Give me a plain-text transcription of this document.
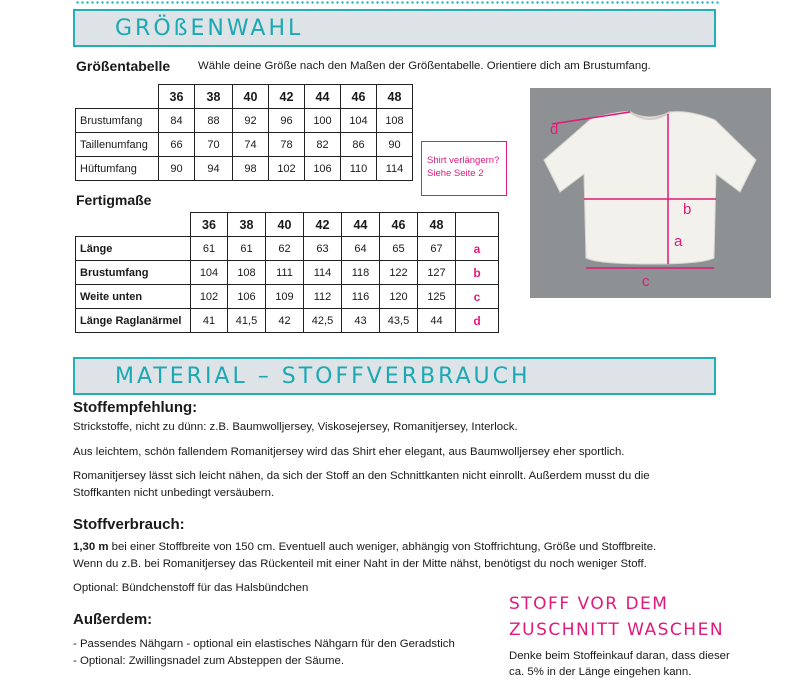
GRÖßENWAHL
Größentabelle Wähle deine Größe nach den Maßen der Größentabelle. Orientiere dich am Brustumfang.
	36	38	40	42	44	46	48
Brustumfang	84	88	92	96	100	104	108
Taillenumfang	66	70	74	78	82	86	90
Hüftumfang	90	94	98	102	106	110	114
Shirt verlängern?
Siehe Seite 2
Fertigmaße
	36	38	40	42	44	46	48	
Länge	61	61	62	63	64	65	67	a
Brustumfang	104	108	111	114	118	122	127	b
Weite unten	102	106	109	112	116	120	125	c
Länge Raglanärmel	41	41,5	42	42,5	43	43,5	44	d
d
a
b
c
MATERIAL – STOFFVERBRAUCH
Stoffempfehlung:
Strickstoffe, nicht zu dünn: z.B. Baumwolljersey, Viskosejersey, Romanitjersey, Interlock.
Aus leichtem, schön fallendem Romanitjersey wird das Shirt eher elegant, aus Baumwolljersey eher sportlich.
Romanitjersey lässt sich leicht nähen, da sich der Stoff an den Schnittkanten nicht einrollt. Außerdem musst du die
Stoffkanten nicht unbedingt versäubern.
Stoffverbrauch:
1,30 m bei einer Stoffbreite von 150 cm. Eventuell auch weniger, abhängig von Stoffrichtung, Größe und Stoffbreite.
Wenn du z.B. bei Romanitjersey das Rückenteil mit einer Naht in der Mitte nähst, benötigst du noch weniger Stoff.
Optional: Bündchenstoff für das Halsbündchen
Außerdem:
- Passendes Nähgarn - optional ein elastisches Nähgarn für den Geradstich
- Optional: Zwillingsnadel zum Absteppen der Säume.
STOFF VOR DEM
ZUSCHNITT WASCHEN
Denke beim Stoffeinkauf daran, dass dieser
ca. 5% in der Länge eingehen kann.
